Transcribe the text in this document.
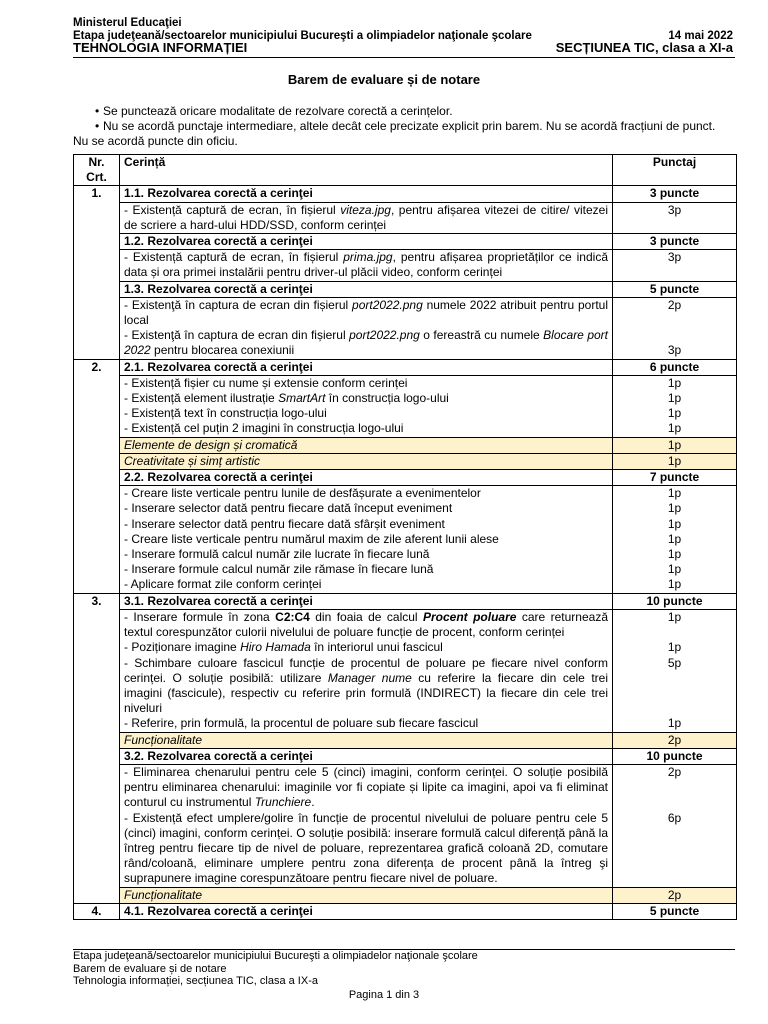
Ministerul Educaţiei
Etapa judeţeană/sectoarelor municipiului Bucureşti a olimpiadelor naţionale şcolare	14 mai 2022
TEHNOLOGIA INFORMAȚIEI	SECȚIUNEA TIC, clasa a XI-a
Barem de evaluare și de notare
• Se punctează oricare modalitate de rezolvare corectă a cerințelor.
• Nu se acordă punctaje intermediare, altele decât cele precizate explicit prin barem. Nu se acordă fracțiuni de punct. Nu se acordă puncte din oficiu.
Nr. Crt.	Cerință	Punctaj
1.	1.1. Rezolvarea corectă a cerinţei	3 puncte
	- Existență captură de ecran, în fișierul viteza.jpg, pentru afișarea vitezei de citire/ vitezei de scriere a hard-ului HDD/SSD, conform cerinței	3p
	1.2. Rezolvarea corectă a cerinţei	3 puncte
	- Existență captură de ecran, în fișierul prima.jpg, pentru afișarea proprietăților ce indică data și ora primei instalării pentru driver-ul plăcii video, conform cerinței	3p
	1.3. Rezolvarea corectă a cerinţei	5 puncte
	- Existenţă în captura de ecran din fișierul port2022.png numele 2022 atribuit pentru portul local	2p
	- Existenţă în captura de ecran din fișierul port2022.png o fereastră cu numele Blocare port 2022 pentru blocarea conexiunii	3p
2.	2.1. Rezolvarea corectă a cerinţei	6 puncte
	- Existență fișier cu nume și extensie conform cerinței	1p
	- Existență element ilustrație SmartArt în construcția logo-ului	1p
	- Existență text în construcția logo-ului	1p
	- Existență cel puțin 2 imagini în construcția logo-ului	1p
	Elemente de design și cromatică	1p
	Creativitate și simț artistic	1p
	2.2. Rezolvarea corectă a cerinţei	7 puncte
	- Creare liste verticale pentru lunile de desfășurate a evenimentelor	1p
	- Inserare selector dată pentru fiecare dată început eveniment	1p
	- Inserare selector dată pentru fiecare dată sfârșit eveniment	1p
	- Creare liste verticale pentru numărul maxim de zile aferent lunii alese	1p
	- Inserare formulă calcul număr zile lucrate în fiecare lună	1p
	- Inserare formule calcul număr zile rămase în fiecare lună	1p
	- Aplicare format zile conform cerinței	1p
3.	3.1. Rezolvarea corectă a cerinţei	10 puncte
	- Inserare formule în zona C2:C4 din foaia de calcul Procent poluare care returnează textul corespunzător culorii nivelului de poluare funcție de procent, conform cerinței	1p
	- Poziționare imagine Hiro Hamada în interiorul unui fascicul	1p
	- Schimbare culoare fascicul funcție de procentul de poluare pe fiecare nivel conform cerinței. O soluție posibilă: utilizare Manager nume cu referire la fiecare din cele trei imagini (fascicule), respectiv cu referire prin formulă (INDIRECT) la fiecare din cele trei niveluri	5p
	- Referire, prin formulă, la procentul de poluare sub fiecare fascicul	1p
	Funcționalitate	2p
	3.2. Rezolvarea corectă a cerinţei	10 puncte
	- Eliminarea chenarului pentru cele 5 (cinci) imagini, conform cerinței. O soluție posibilă pentru eliminarea chenarului: imaginile vor fi copiate și lipite ca imagini, apoi va fi eliminat conturul cu instrumentul Trunchiere.	2p
	- Existență efect umplere/golire în funcție de procentul nivelului de poluare pentru cele 5 (cinci) imagini, conform cerinței. O soluție posibilă: inserare formulă calcul diferență până la întreg pentru fiecare tip de nivel de poluare, reprezentarea grafică coloană 2D, comutare rând/coloană, eliminare umplere pentru zona diferența de procent până la întreg şi suprapunere imagine corespunzătoare pentru fiecare nivel de poluare.	6p
	Funcționalitate	2p
4.	4.1. Rezolvarea corectă a cerinţei	5 puncte
Etapa judeţeană/sectoarelor municipiului Bucureşti a olimpiadelor naţionale şcolare
Barem de evaluare și de notare
Tehnologia informației, secțiunea TIC, clasa a IX-a
Pagina 1 din 3
